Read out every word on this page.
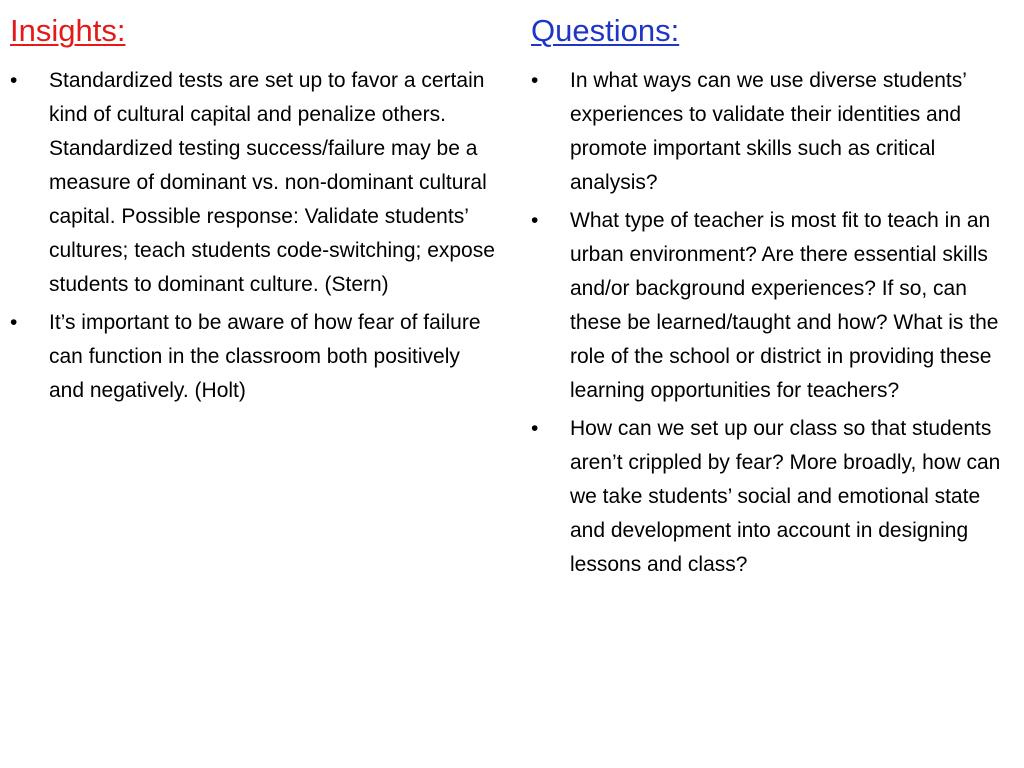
Insights:
•	Standardized tests are set up to favor a certain kind of cultural capital and penalize others. Standardized testing success/failure may be a measure of dominant vs. non-dominant cultural capital. Possible response: Validate students’ cultures; teach students code-switching; expose students to dominant culture. (Stern)
•	It’s important to be aware of how fear of failure can function in the classroom both positively and negatively. (Holt)
Questions:
•	In what ways can we use diverse students’ experiences to validate their identities and promote important skills such as critical analysis?
•	What type of teacher is most fit to teach in an urban environment? Are there essential skills and/or background experiences? If so, can these be learned/taught and how? What is the role of the school or district in providing these learning opportunities for teachers?
•	How can we set up our class so that students aren’t crippled by fear? More broadly, how can we take students’ social and emotional state and development into account in designing lessons and class?
